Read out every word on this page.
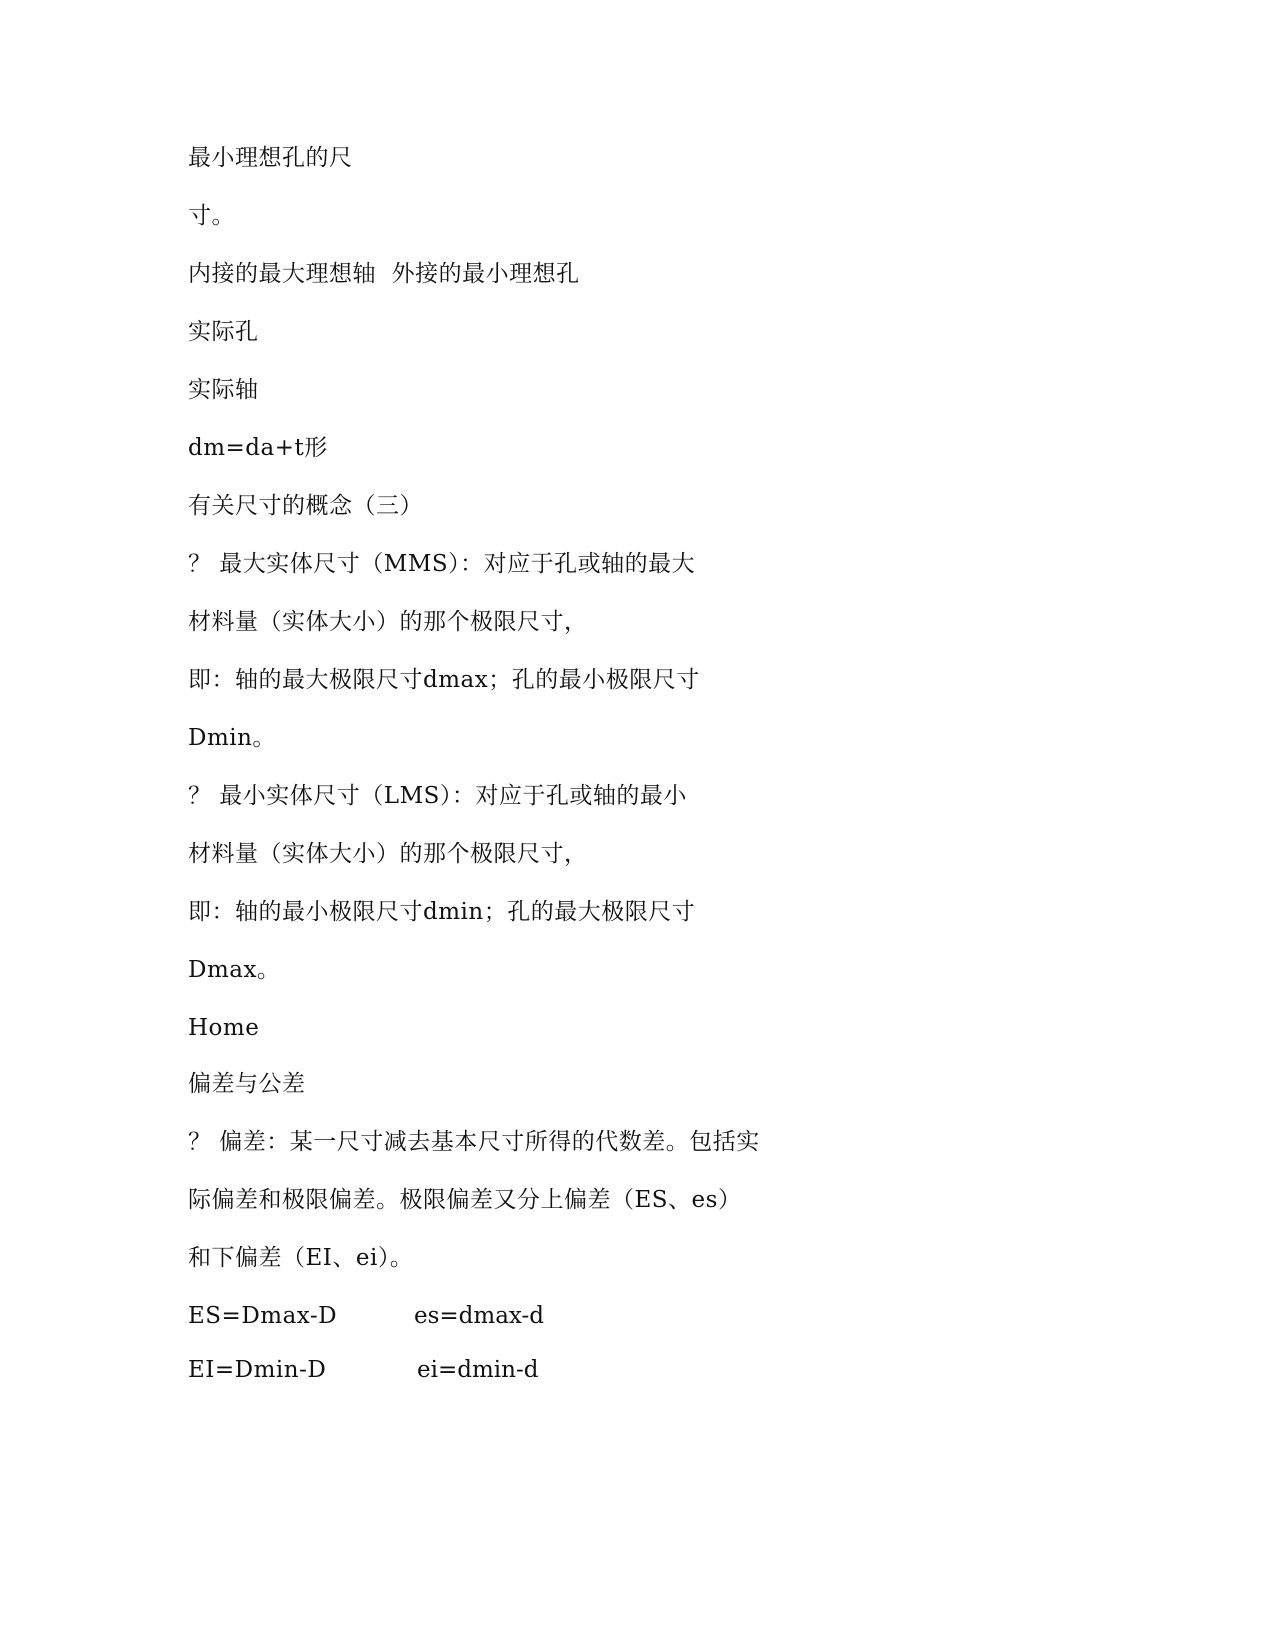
最小理想孔的尺
寸。
内接的最大理想轴  外接的最小理想孔
实际孔
实际轴
dm=da+t形
有关尺寸的概念（三）
？ 最大实体尺寸（MMS）：对应于孔或轴的最大
材料量（实体大小）的那个极限尺寸，
即：轴的最大极限尺寸dmax；孔的最小极限尺寸
Dmin。
？ 最小实体尺寸（LMS）：对应于孔或轴的最小
材料量（实体大小）的那个极限尺寸，
即：轴的最小极限尺寸dmin；孔的最大极限尺寸
Dmax。
Home
偏差与公差
？ 偏差：某一尺寸减去基本尺寸所得的代数差。包括实
际偏差和极限偏差。极限偏差又分上偏差（ES、es）
和下偏差（EI、ei）。
ES=Dmax-D	es=dmax-d
EI=Dmin-D	ei=dmin-d
